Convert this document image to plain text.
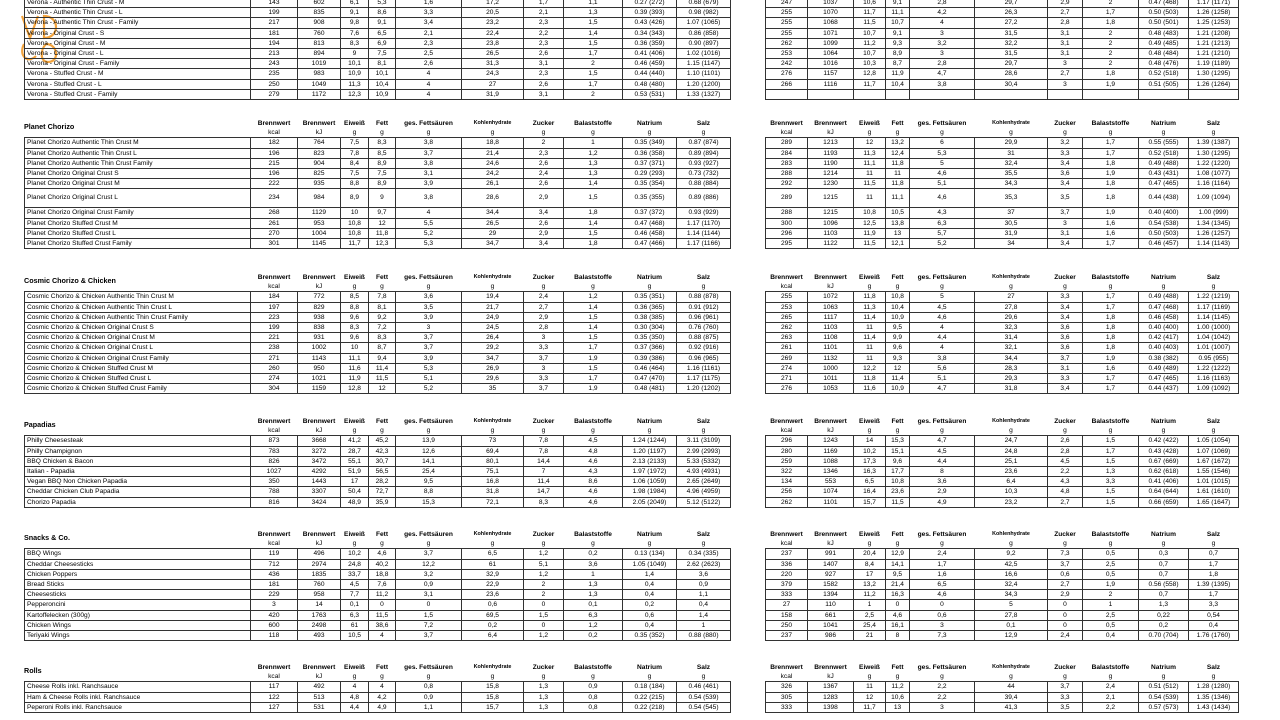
Verona - Authentic Thin Crust - M	143	602	6,1	5,3	1,6	17,2	1,7	1,1	0.27 (272)	0.68 (679)
Verona - Authentic Thin Crust - L	199	835	9,1	8,6	3,3	20,5	2,1	1,3	0.39 (393)	0.98 (982)
Verona - Authentic Thin Crust - Family	217	908	9,8	9,1	3,4	23,2	2,3	1,5	0.43 (426)	1.07 (1065)
Verona - Original Crust - S	181	760	7,6	6,5	2,1	22,4	2,2	1,4	0.34 (343)	0.86 (858)
Verona - Original Crust - M	194	813	8,3	6,9	2,3	23,8	2,3	1,5	0.36 (359)	0.90 (897)
Verona - Original Crust - L	213	894	9	7,5	2,5	26,5	2,6	1,7	0.41 (406)	1.02 (1016)
Verona - Original Crust - Family	243	1019	10,1	8,1	2,6	31,3	3,1	2	0.46 (459)	1.15 (1147)
Verona - Stuffed Crust - M	235	983	10,9	10,1	4	24,3	2,3	1,5	0.44 (440)	1.10 (1101)
Verona - Stuffed Crust - L	250	1049	11,3	10,4	4	27	2,6	1,7	0.48 (480)	1.20 (1200)
Verona - Stuffed Crust - Family	279	1172	12,3	10,9	4	31,9	3,1	2	0.53 (531)	1.33 (1327)
247	1037	10,6	9,1	2,8	29,7	2,9	2	0.47 (468)	1.17 (1171)
255	1070	11,7	11,1	4,2	26,3	2,7	1,7	0.50 (503)	1.26 (1258)
255	1068	11,5	10,7	4	27,2	2,8	1,8	0.50 (501)	1.25 (1253)
255	1071	10,7	9,1	3	31,5	3,1	2	0.48 (483)	1.21 (1208)
262	1099	11,2	9,3	3,2	32,2	3,1	2	0.49 (485)	1.21 (1213)
253	1064	10,7	8,9	3	31,5	3,1	2	0.48 (484)	1.21 (1210)
242	1016	10,3	8,7	2,8	29,7	3	2	0.48 (476)	1.19 (1189)
276	1157	12,8	11,9	4,7	28,6	2,7	1,8	0.52 (518)	1.30 (1295)
266	1116	11,7	10,4	3,8	30,4	3	1,9	0.51 (505)	1.26 (1264)

Planet Chorizo
		Brennwert	Brennwert	Eiweiß	Fett	ges. Fettsäuren	Kohlenhydrate	Zucker	Balaststoffe	Natrium	Salz
	kcal	kJ	g	g	g	g	g	g	g	g
Planet Chorizo Authentic Thin Crust M	182	764	7,5	8,3	3,8	18,8	2	1	0.35 (349)	0.87 (874)
Planet Chorizo Authentic Thin Crust L	196	823	7,8	8,5	3,7	21,4	2,3	1,2	0.36 (358)	0.89 (894)
Planet Chorizo Authentic Thin Crust Family	215	904	8,4	8,9	3,8	24,6	2,6	1,3	0.37 (371)	0.93 (927)
Planet Chorizo Original Crust S	196	825	7,5	7,5	3,1	24,2	2,4	1,3	0.29 (293)	0.73 (732)
Planet Chorizo Original Crust M	222	935	8,8	8,9	3,9	26,1	2,6	1,4	0.35 (354)	0.88 (884)
Planet Chorizo Original Crust L	234	984	8,9	9	3,8	28,6	2,9	1,5	0.35 (355)	0.89 (886)
Planet Chorizo Original Crust Family	268	1129	10	9,7	4	34,4	3,4	1,8	0.37 (372)	0.93 (929)
Planet Chorizo Stuffed Crust M	261	953	10,8	12	5,5	26,5	2,6	1,4	0.47 (468)	1.17 (1170)
Planet Chorizo Stuffed Crust L	270	1004	10,8	11,8	5,2	29	2,9	1,5	0.46 (458)	1.14 (1144)
Planet Chorizo Stuffed Crust Family	301	1145	11,7	12,3	5,3	34,7	3,4	1,8	0.47 (466)	1.17 (1166)
Brennwert	Brennwert	Eiweiß	Fett	ges. Fettsäuren	Kohlenhydrate	Zucker	Balaststoffe	Natrium	Salz
kcal	kJ	g	g	g	g	g	g	g	g
289	1213	12	13,2	6	29,9	3,2	1,7	0.55 (555)	1.39 (1387)
284	1193	11,3	12,4	5,3	31	3,3	1,7	0.52 (518)	1.30 (1295)
283	1190	11,1	11,8	5	32,4	3,4	1,8	0.49 (488)	1.22 (1220)
288	1214	11	11	4,6	35,5	3,6	1,9	0.43 (431)	1.08 (1077)
292	1230	11,5	11,8	5,1	34,3	3,4	1,8	0.47 (465)	1.16 (1164)
289	1215	11	11,1	4,6	35,3	3,5	1,8	0.44 (438)	1.09 (1094)
288	1215	10,8	10,5	4,3	37	3,7	1,9	0.40 (400)	1.00 (999)
300	1096	12,5	13,8	6,3	30,5	3	1,6	0.54 (538)	1.34 (1345)
296	1103	11,9	13	5,7	31,9	3,1	1,6	0.50 (503)	1.26 (1257)
295	1122	11,5	12,1	5,2	34	3,4	1,7	0.46 (457)	1.14 (1143)
Cosmic Chorizo & Chicken
		Brennwert	Brennwert	Eiweiß	Fett	ges. Fettsäuren	Kohlenhydrate	Zucker	Balaststoffe	Natrium	Salz
	kcal	kJ	g	g	g	g	g	g	g	g
Cosmic Chorizo & Chicken Authentic Thin Crust M	184	772	8,5	7,8	3,6	19,4	2,4	1,2	0.35 (351)	0.88 (878)
Cosmic Chorizo & Chicken Authentic Thin Crust L	197	829	8,8	8,1	3,5	21,7	2,7	1,4	0.36 (365)	0.91 (912)
Cosmic Chorizo & Chicken Authentic Thin Crust Family	223	938	9,6	9,2	3,9	24,9	2,9	1,5	0.38 (385)	0.96 (961)
Cosmic Chorizo & Chicken Original Crust S	199	838	8,3	7,2	3	24,5	2,8	1,4	0.30 (304)	0.76 (760)
Cosmic Chorizo & Chicken Original Crust M	221	931	9,6	8,3	3,7	26,4	3	1,5	0.35 (350)	0.88 (875)
Cosmic Chorizo & Chicken Original Crust L	238	1002	10	8,7	3,7	29,2	3,3	1,7	0.37 (366)	0.92 (916)
Cosmic Chorizo & Chicken Original Crust Family	271	1143	11,1	9,4	3,9	34,7	3,7	1,9	0.39 (386)	0.96 (965)
Cosmic Chorizo & Chicken Stuffed Crust M	260	950	11,6	11,4	5,3	26,9	3	1,5	0.46 (464)	1.16 (1161)
Cosmic Chorizo & Chicken Stuffed Crust L	274	1021	11,9	11,5	5,1	29,6	3,3	1,7	0.47 (470)	1.17 (1175)
Cosmic Chorizo & Chicken Stuffed Crust Family	304	1159	12,8	12	5,2	35	3,7	1,9	0.48 (481)	1.20 (1202)
Brennwert	Brennwert	Eiweiß	Fett	ges. Fettsäuren	Kohlenhydrate	Zucker	Balaststoffe	Natrium	Salz
kcal	kJ	g	g	g	g	g	g	g	g
255	1072	11,8	10,8	5	27	3,3	1,7	0.49 (488)	1.22 (1219)
253	1063	11,3	10,4	4,5	27,8	3,4	1,7	0.47 (468)	1.17 (1169)
265	1117	11,4	10,9	4,6	29,6	3,4	1,8	0.46 (458)	1.14 (1145)
262	1103	11	9,5	4	32,3	3,6	1,8	0.40 (400)	1.00 (1000)
263	1108	11,4	9,9	4,4	31,4	3,6	1,8	0.42 (417)	1.04 (1042)
261	1101	11	9,6	4	32,1	3,6	1,8	0.40 (403)	1.01 (1007)
269	1132	11	9,3	3,8	34,4	3,7	1,9	0.38 (382)	0.95 (955)
274	1000	12,2	12	5,6	28,3	3,1	1,6	0.49 (489)	1.22 (1222)
271	1011	11,8	11,4	5,1	29,3	3,3	1,7	0.47 (465)	1.16 (1163)
276	1053	11,6	10,9	4,7	31,8	3,4	1,7	0.44 (437)	1.09 (1092)
Papadias
		Brennwert	Brennwert	Eiweiß	Fett	ges. Fettsäuren	Kohlenhydrate	Zucker	Balaststoffe	Natrium	Salz
	kcal	kJ	g	g	g	g	g	g	g	g
Philly Cheesesteak	873	3668	41,2	45,2	13,9	73	7,8	4,5	1.24 (1244)	3.11 (3109)
Philly Champignon	783	3272	28,7	42,3	12,6	69,4	7,8	4,8	1.20 (1197)	2.99 (2993)
BBQ Chicken & Bacon	826	3472	55,1	30,7	14,1	80,1	14,4	4,6	2.13 (2133)	5.33 (5332)
Italian - Papadia	1027	4292	51,9	56,5	25,4	75,1	7	4,3	1.97 (1972)	4.93 (4931)
Vegan BBQ Non Chicken Papadia	350	1443	17	28,2	9,5	16,8	11,4	8,6	1.06 (1059)	2.65 (2649)
Cheddar Chicken Club Papadia	788	3307	50,4	72,7	8,8	31,8	14,7	4,6	1.98 (1984)	4.96 (4959)
Chorizo Papadia	816	3424	48,9	35,9	15,3	72,1	8,3	4,6	2.05 (2049)	5.12 (5122)
Brennwert	Brennwert	Eiweiß	Fett	ges. Fettsäuren	Kohlenhydrate	Zucker	Balaststoffe	Natrium	Salz
kcal	kJ	g	g	g	g	g	g	g	g
296	1243	14	15,3	4,7	24,7	2,6	1,5	0.42 (422)	1.05 (1054)
280	1169	10,2	15,1	4,5	24,8	2,8	1,7	0.43 (428)	1.07 (1069)
259	1088	17,3	9,6	4,4	25,1	4,5	1,5	0.67 (669)	1.67 (1672)
322	1346	16,3	17,7	8	23,6	2,2	1,3	0.62 (618)	1.55 (1546)
134	553	6,5	10,8	3,6	6,4	4,3	3,3	0.41 (406)	1.01 (1015)
256	1074	16,4	23,6	2,9	10,3	4,8	1,5	0.64 (644)	1.61 (1610)
262	1101	15,7	11,5	4,9	23,2	2,7	1,5	0.66 (659)	1.65 (1647)
Snacks & Co.
		Brennwert	Brennwert	Eiweiß	Fett	ges. Fettsäuren	Kohlenhydrate	Zucker	Balaststoffe	Natrium	Salz
	kcal	kJ	g	g	g	g	g	g	g	g
BBQ Wings	119	496	10,2	4,6	3,7	6,5	1,2	0,2	0.13 (134)	0.34 (335)
Cheddar Cheesesticks	712	2974	24,8	40,2	12,2	61	5,1	3,6	1.05 (1049)	2.62 (2623)
Chicken Poppers	436	1835	33,7	18,8	3,2	32,9	1,2	1	1,4	3,6
Bread Sticks	181	760	4,5	7,6	0,9	22,9	2	1,3	0,4	0,9
Cheesesticks	229	958	7,7	11,2	3,1	23,6	2	1,3	0,4	1,1
Pepperoncini	3	14	0,1	0	0	0,6	0	0,1	0,2	0,4
Kartoffelecken (300g)	420	1763	6,3	11,5	1,5	69,5	1,5	6,3	0,6	1,4
Chicken Wings	600	2498	61	38,6	7,2	0,2	0	1,2	0,4	1
Teriyaki Wings	118	493	10,5	4	3,7	6,4	1,2	0,2	0.35 (352)	0.88 (880)
Brennwert	Brennwert	Eiweiß	Fett	ges. Fettsäuren	Kohlenhydrate	Zucker	Balaststoffe	Natrium	Salz
kcal	kJ	g	g	g	g	g	g	g	g
237	991	20,4	12,9	2,4	9,2	7,3	0,5	0,3	0,7
336	1407	8,4	14,1	1,7	42,5	3,7	2,5	0,7	1,7
220	927	17	9,5	1,6	16,6	0,6	0,5	0,7	1,8
379	1582	13,2	21,4	6,5	32,4	2,7	1,9	0.56 (558)	1.39 (1395)
333	1394	11,2	16,3	4,6	34,3	2,9	2	0,7	1,7
27	110	1	0	0	5	0	1	1,3	3,3
158	661	2,5	4,6	0,6	27,8	0	2,5	0,22	0,54
250	1041	25,4	16,1	3	0,1	0	0,5	0,2	0,4
237	986	21	8	7,3	12,9	2,4	0,4	0.70 (704)	1.76 (1760)
Rolls
		Brennwert	Brennwert	Eiweiß	Fett	ges. Fettsäuren	Kohlenhydrate	Zucker	Balaststoffe	Natrium	Salz
	kcal	kJ	g	g	g	g	g	g	g	g
Cheese Rolls inkl. Ranchsauce	117	492	4	4	0,8	15,8	1,3	0,9	0.18 (184)	0.46 (461)
Ham & Cheese Rolls inkl. Ranchsauce	122	513	4,8	4,2	0,9	15,8	1,3	0,8	0.22 (215)	0.54 (539)
Peperoni Rolls inkl. Ranchsauce	127	531	4,4	4,9	1,1	15,7	1,3	0,8	0.22 (218)	0.54 (545)
Brennwert	Brennwert	Eiweiß	Fett	ges. Fettsäuren	Kohlenhydrate	Zucker	Balaststoffe	Natrium	Salz
kcal	kJ	g	g	g	g	g	g	g	g
326	1367	11	11,2	2,2	44	3,7	2,4	0.51 (512)	1.28 (1280)
305	1283	12	10,6	2,2	39,4	3,3	2,1	0.54 (539)	1.35 (1346)
333	1398	11,7	13	3	41,3	3,5	2,2	0.57 (573)	1.43 (1434)
